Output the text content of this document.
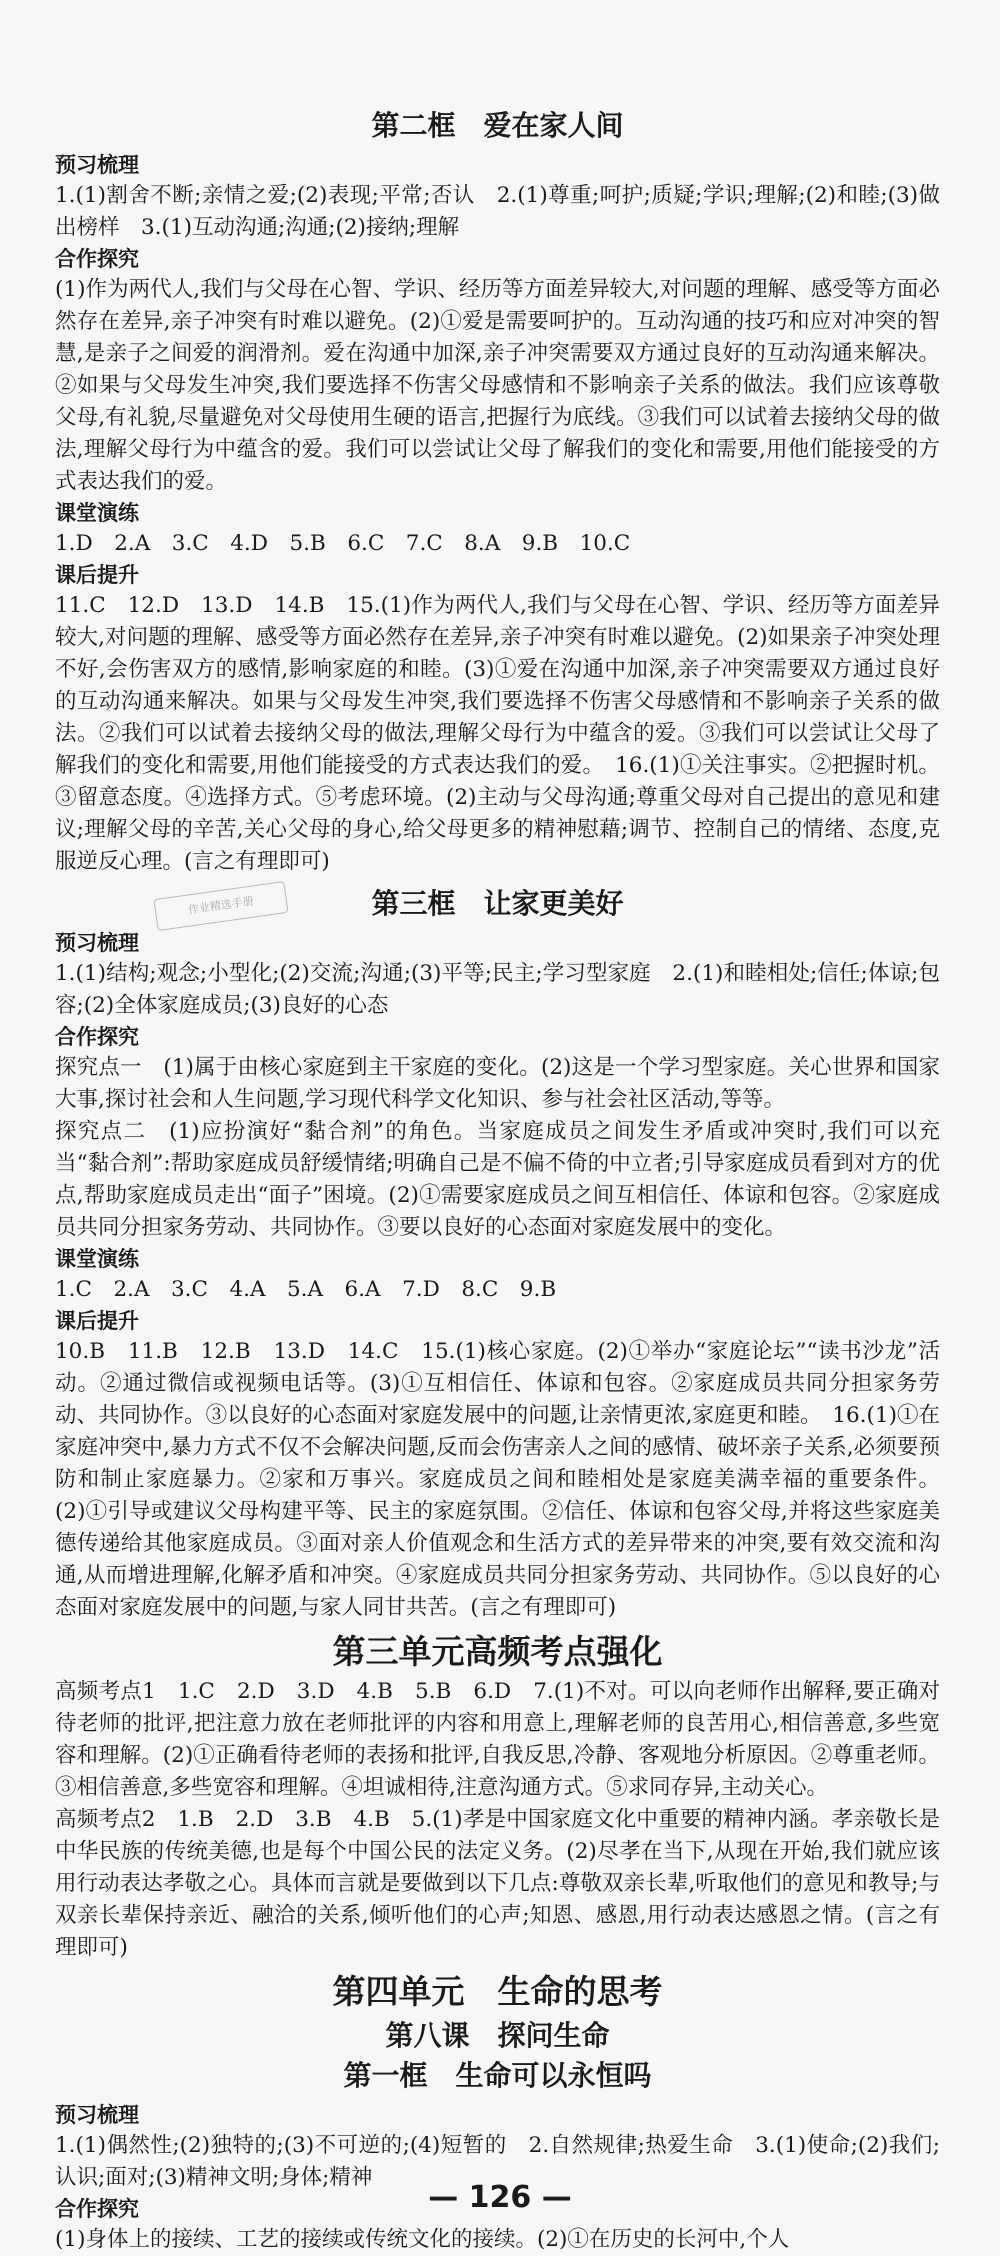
第二框　爱在家人间
预习梳理

1.(1)割舍不断;亲情之爱;(2)表现;平常;否认　2.(1)尊重;呵护;质疑;学识;理解;(2)和睦;(3)做出榜样　3.(1)互动沟通;沟通;(2)接纳;理解

合作探究

(1)作为两代人,我们与父母在心智、学识、经历等方面差异较大,对问题的理解、感受等方面必然存在差异,亲子冲突有时难以避免。(2)①爱是需要呵护的。互动沟通的技巧和应对冲突的智慧,是亲子之间爱的润滑剂。爱在沟通中加深,亲子冲突需要双方通过良好的互动沟通来解决。②如果与父母发生冲突,我们要选择不伤害父母感情和不影响亲子关系的做法。我们应该尊敬父母,有礼貌,尽量避免对父母使用生硬的语言,把握行为底线。③我们可以试着去接纳父母的做法,理解父母行为中蕴含的爱。我们可以尝试让父母了解我们的变化和需要,用他们能接受的方式表达我们的爱。

课堂演练

1.D　2.A　3.C　4.D　5.B　6.C　7.C　8.A　9.B　10.C

课后提升

11.C　12.D　13.D　14.B　15.(1)作为两代人,我们与父母在心智、学识、经历等方面差异较大,对问题的理解、感受等方面必然存在差异,亲子冲突有时难以避免。(2)如果亲子冲突处理不好,会伤害双方的感情,影响家庭的和睦。(3)①爱在沟通中加深,亲子冲突需要双方通过良好的互动沟通来解决。如果与父母发生冲突,我们要选择不伤害父母感情和不影响亲子关系的做法。②我们可以试着去接纳父母的做法,理解父母行为中蕴含的爱。③我们可以尝试让父母了解我们的变化和需要,用他们能接受的方式表达我们的爱。　16.(1)①关注事实。②把握时机。③留意态度。④选择方式。⑤考虑环境。(2)主动与父母沟通;尊重父母对自己提出的意见和建议;理解父母的辛苦,关心父母的身心,给父母更多的精神慰藉;调节、控制自己的情绪、态度,克服逆反心理。(言之有理即可)

第三框　让家更美好
预习梳理

1.(1)结构;观念;小型化;(2)交流;沟通;(3)平等;民主;学习型家庭　2.(1)和睦相处;信任;体谅;包容;(2)全体家庭成员;(3)良好的心态

合作探究

探究点一　(1)属于由核心家庭到主干家庭的变化。(2)这是一个学习型家庭。关心世界和国家大事,探讨社会和人生问题,学习现代科学文化知识、参与社会社区活动,等等。

探究点二　(1)应扮演好“黏合剂”的角色。当家庭成员之间发生矛盾或冲突时,我们可以充当“黏合剂”:帮助家庭成员舒缓情绪;明确自己是不偏不倚的中立者;引导家庭成员看到对方的优点,帮助家庭成员走出“面子”困境。(2)①需要家庭成员之间互相信任、体谅和包容。②家庭成员共同分担家务劳动、共同协作。③要以良好的心态面对家庭发展中的变化。

课堂演练

1.C　2.A　3.C　4.A　5.A　6.A　7.D　8.C　9.B

课后提升

10.B　11.B　12.B　13.D　14.C　15.(1)核心家庭。(2)①举办“家庭论坛”“读书沙龙”活动。②通过微信或视频电话等。(3)①互相信任、体谅和包容。②家庭成员共同分担家务劳动、共同协作。③以良好的心态面对家庭发展中的问题,让亲情更浓,家庭更和睦。　16.(1)①在家庭冲突中,暴力方式不仅不会解决问题,反而会伤害亲人之间的感情、破坏亲子关系,必须要预防和制止家庭暴力。②家和万事兴。家庭成员之间和睦相处是家庭美满幸福的重要条件。(2)①引导或建议父母构建平等、民主的家庭氛围。②信任、体谅和包容父母,并将这些家庭美德传递给其他家庭成员。③面对亲人价值观念和生活方式的差异带来的冲突,要有效交流和沟通,从而增进理解,化解矛盾和冲突。④家庭成员共同分担家务劳动、共同协作。⑤以良好的心态面对家庭发展中的问题,与家人同甘共苦。(言之有理即可)

第三单元高频考点强化

高频考点1　1.C　2.D　3.D　4.B　5.B　6.D　7.(1)不对。可以向老师作出解释,要正确对待老师的批评,把注意力放在老师批评的内容和用意上,理解老师的良苦用心,相信善意,多些宽容和理解。(2)①正确看待老师的表扬和批评,自我反思,冷静、客观地分析原因。②尊重老师。③相信善意,多些宽容和理解。④坦诚相待,注意沟通方式。⑤求同存异,主动关心。

高频考点2　1.B　2.D　3.B　4.B　5.(1)孝是中国家庭文化中重要的精神内涵。孝亲敬长是中华民族的传统美德,也是每个中国公民的法定义务。(2)尽孝在当下,从现在开始,我们就应该用行动表达孝敬之心。具体而言就是要做到以下几点:尊敬双亲长辈,听取他们的意见和教导;与双亲长辈保持亲近、融洽的关系,倾听他们的心声;知恩、感恩,用行动表达感恩之情。(言之有理即可)

第四单元　生命的思考
第八课　探问生命
第一框　生命可以永恒吗
预习梳理

1.(1)偶然性;(2)独特的;(3)不可逆的;(4)短暂的　2.自然规律;热爱生命　3.(1)使命;(2)我们;认识;面对;(3)精神文明;身体;精神

合作探究

(1)身体上的接续、工艺的接续或传统文化的接续。(2)①在历史的长河中,个人

作业精选手册
— 126 —
